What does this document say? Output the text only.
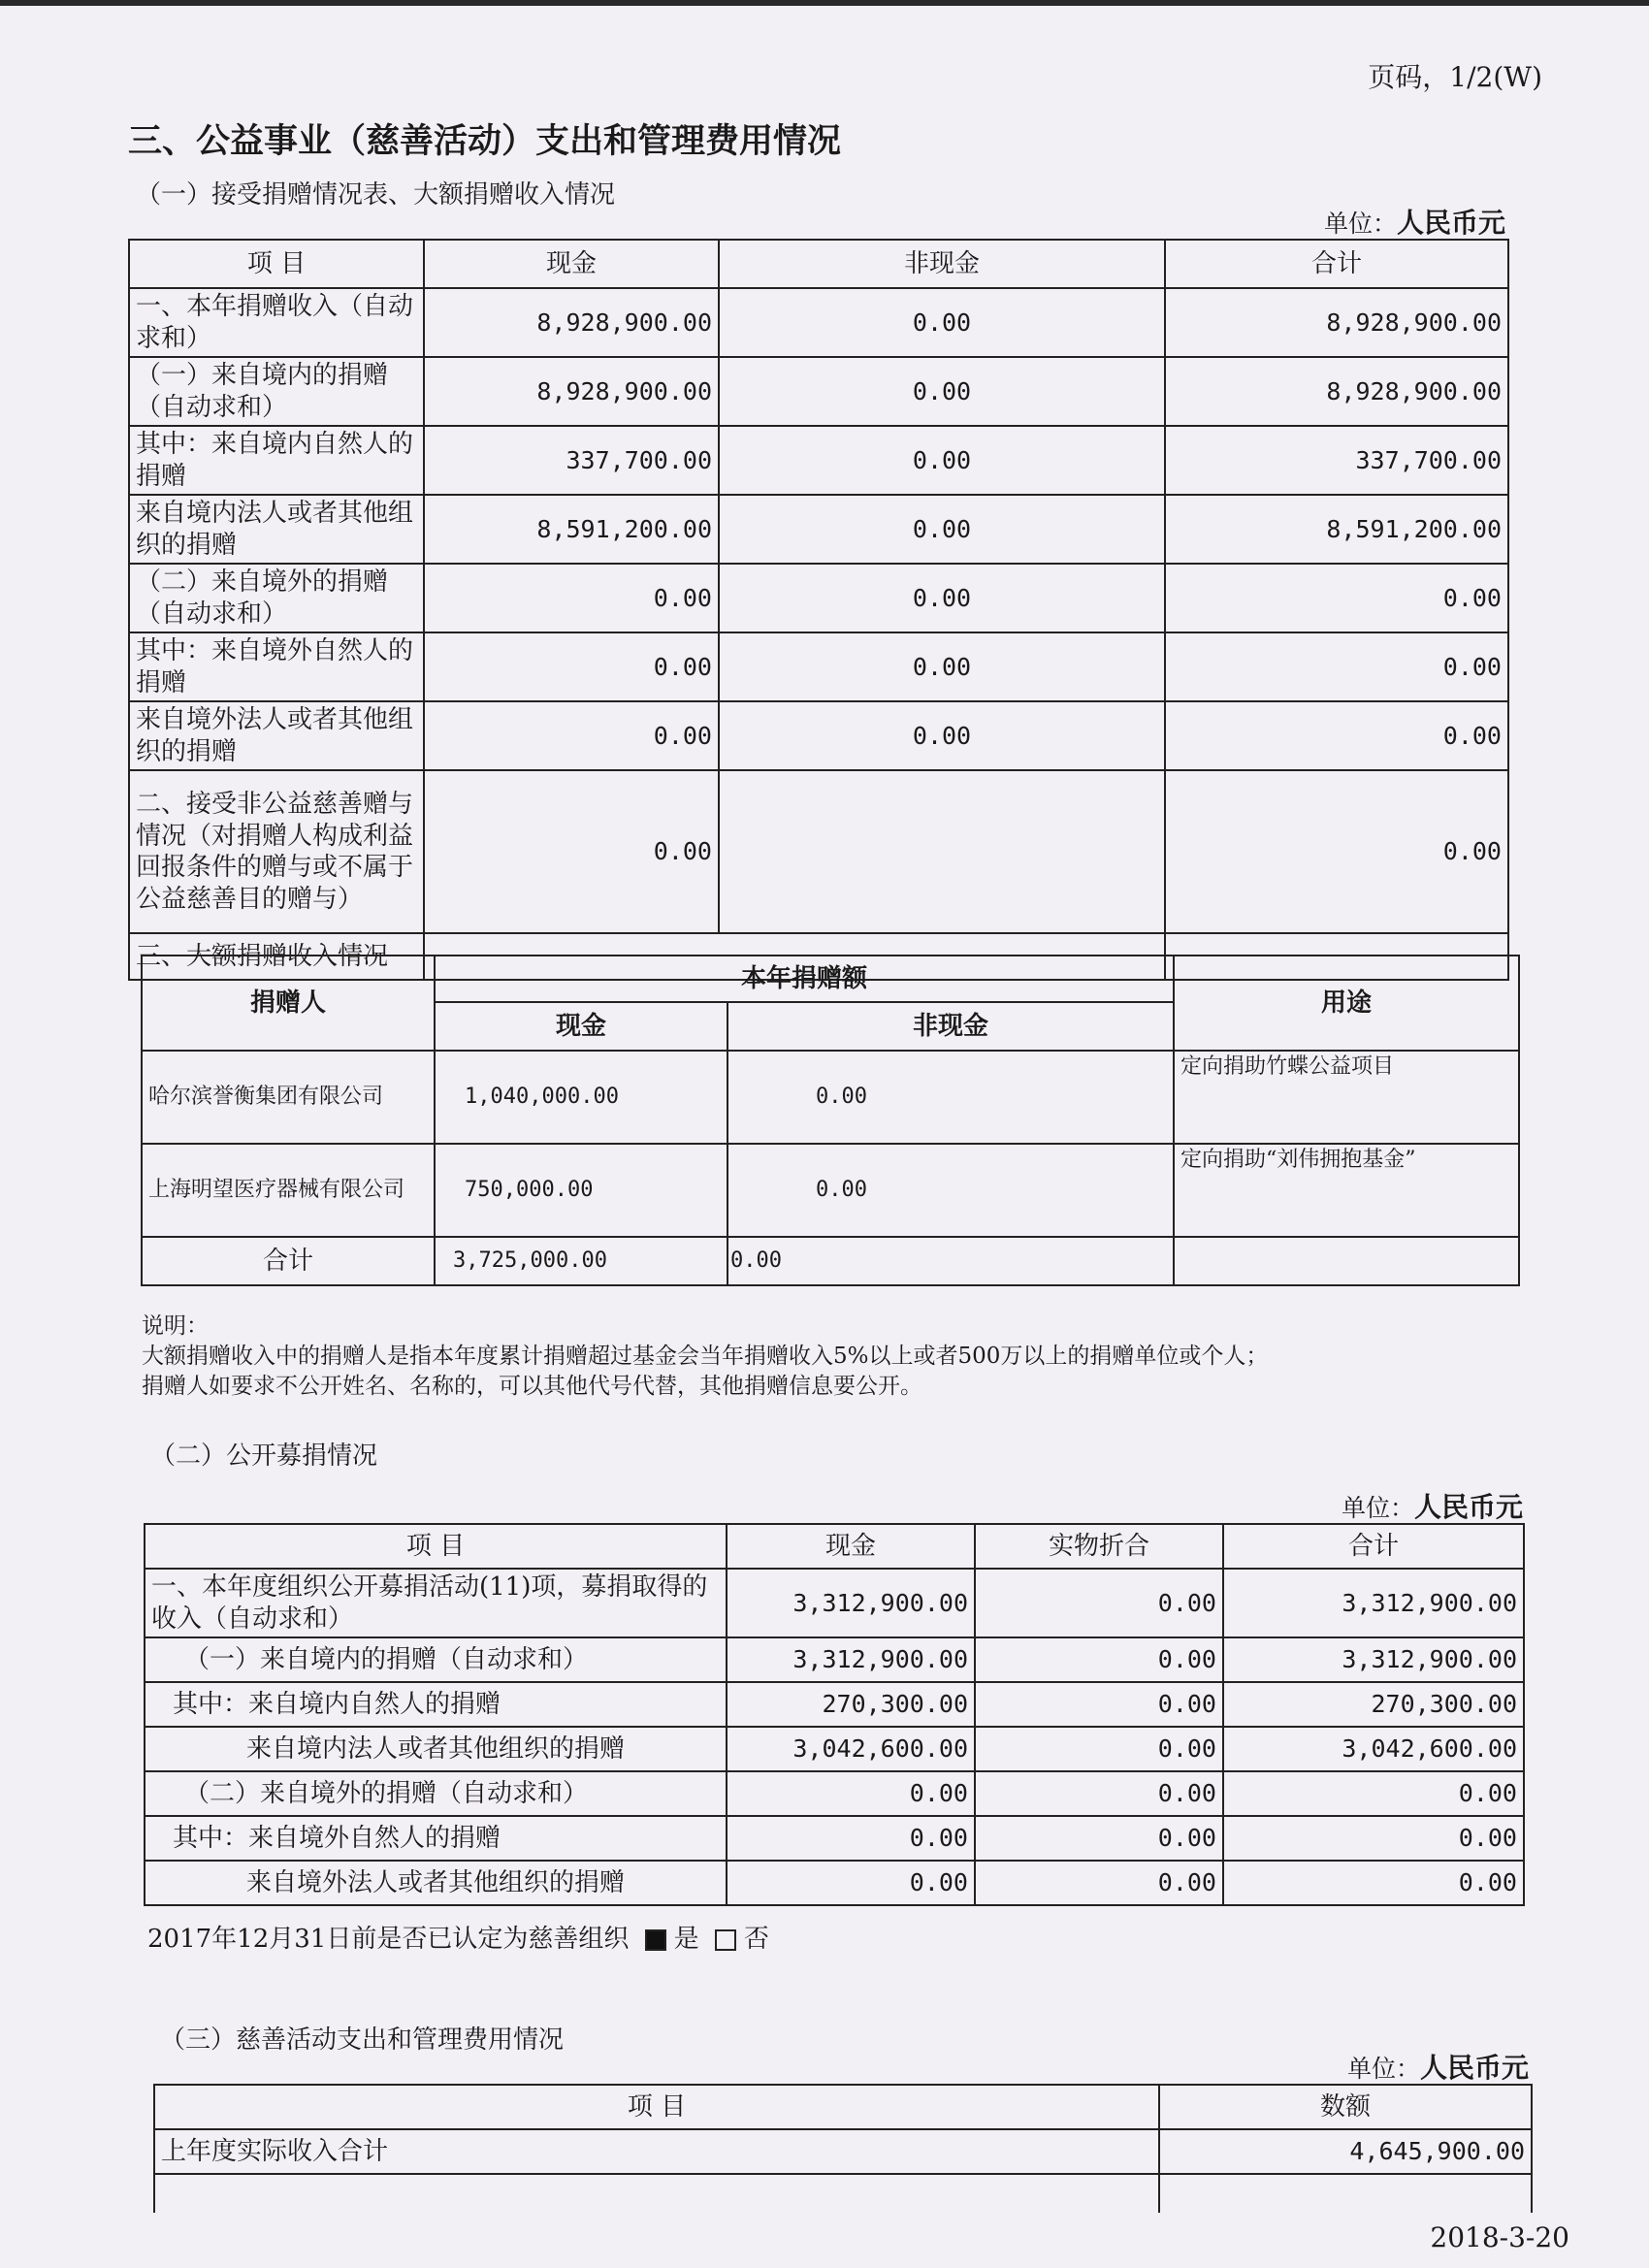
页码，1/2(W)
三、公益事业（慈善活动）支出和管理费用情况
（一）接受捐赠情况表、大额捐赠收入情况
单位：人民币元
项 目	现金	非现金	合计
一、本年捐赠收入（自动求和）	8,928,900.00	0.00	8,928,900.00
（一）来自境内的捐赠（自动求和）	8,928,900.00	0.00	8,928,900.00
其中：来自境内自然人的捐赠	337,700.00	0.00	337,700.00
来自境内法人或者其他组织的捐赠	8,591,200.00	0.00	8,591,200.00
（二）来自境外的捐赠（自动求和）	0.00	0.00	0.00
其中：来自境外自然人的捐赠	0.00	0.00	0.00
来自境外法人或者其他组织的捐赠	0.00	0.00	0.00
二、接受非公益慈善赠与情况（对捐赠人构成利益回报条件的赠与或不属于公益慈善目的赠与）	0.00		0.00
三、大额捐赠收入情况			
捐赠人	本年捐赠额		用途
	现金	非现金	
哈尔滨誉衡集团有限公司	1,040,000.00	0.00	定向捐助竹蝶公益项目
上海明望医疗器械有限公司	750,000.00	0.00	定向捐助“刘伟拥抱基金”
合计	3,725,000.00	0.00	
说明：
大额捐赠收入中的捐赠人是指本年度累计捐赠超过基金会当年捐赠收入5%以上或者500万以上的捐赠单位或个人；
捐赠人如要求不公开姓名、名称的，可以其他代号代替，其他捐赠信息要公开。
（二）公开募捐情况
单位：人民币元
项 目	现金	实物折合	合计
一、本年度组织公开募捐活动(11)项，募捐取得的收入（自动求和）	3,312,900.00	0.00	3,312,900.00
（一）来自境内的捐赠（自动求和）	3,312,900.00	0.00	3,312,900.00
其中：来自境内自然人的捐赠	270,300.00	0.00	270,300.00
来自境内法人或者其他组织的捐赠	3,042,600.00	0.00	3,042,600.00
（二）来自境外的捐赠（自动求和）	0.00	0.00	0.00
其中：来自境外自然人的捐赠	0.00	0.00	0.00
来自境外法人或者其他组织的捐赠	0.00	0.00	0.00
2017年12月31日前是否已认定为慈善组织 是 否
（三）慈善活动支出和管理费用情况
单位：人民币元
项 目	数额
上年度实际收入合计	4,645,900.00

2018-3-20
